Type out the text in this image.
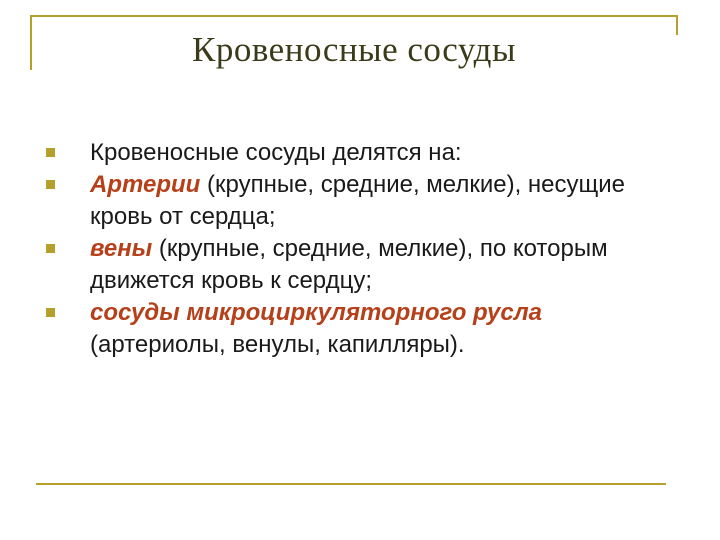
Кровеносные сосуды
Кровеносные сосуды делятся на:
Артерии (крупные, средние, мелкие), несущие кровь от сердца;
вены (крупные, средние, мелкие), по которым движется кровь к сердцу;
сосуды микроциркуляторного русла (артериолы, венулы, капилляры).
